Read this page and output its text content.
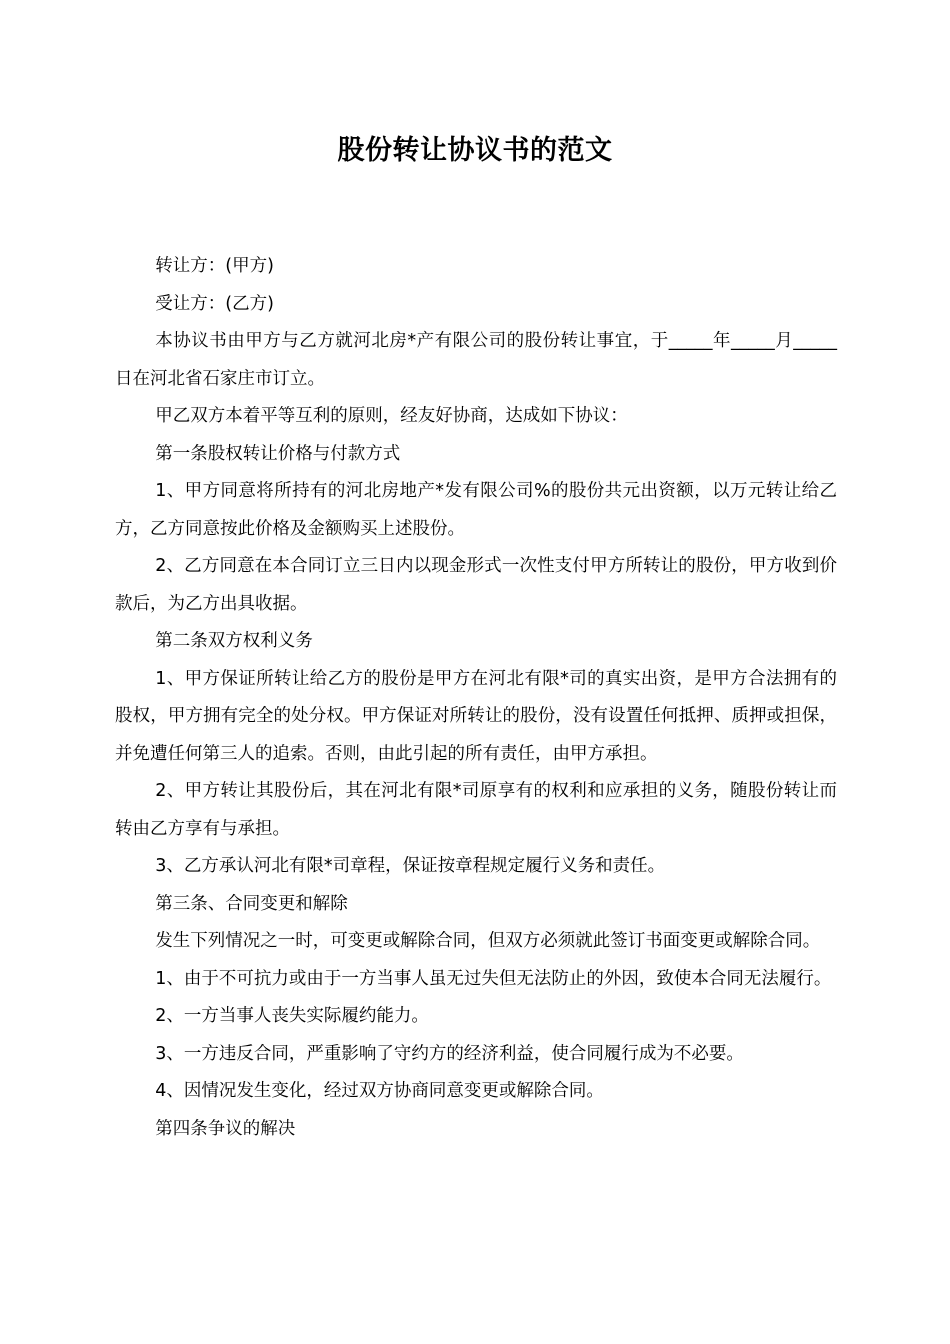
股份转让协议书的范文

转让方：(甲方)

受让方：(乙方)

本协议书由甲方与乙方就河北房*产有限公司的股份转让事宜，于_____年_____月_____日在河北省石家庄市订立。

甲乙双方本着平等互利的原则，经友好协商，达成如下协议：

第一条股权转让价格与付款方式

1、甲方同意将所持有的河北房地产*发有限公司%的股份共元出资额，以万元转让给乙方，乙方同意按此价格及金额购买上述股份。

2、乙方同意在本合同订立三日内以现金形式一次性支付甲方所转让的股份，甲方收到价款后，为乙方出具收据。

第二条双方权利义务

1、甲方保证所转让给乙方的股份是甲方在河北有限*司的真实出资，是甲方合法拥有的股权，甲方拥有完全的处分权。甲方保证对所转让的股份，没有设置任何抵押、质押或担保，并免遭任何第三人的追索。否则，由此引起的所有责任，由甲方承担。

2、甲方转让其股份后，其在河北有限*司原享有的权利和应承担的义务，随股份转让而转由乙方享有与承担。

3、乙方承认河北有限*司章程，保证按章程规定履行义务和责任。

第三条、合同变更和解除

发生下列情况之一时，可变更或解除合同，但双方必须就此签订书面变更或解除合同。

1、由于不可抗力或由于一方当事人虽无过失但无法防止的外因，致使本合同无法履行。

2、一方当事人丧失实际履约能力。

3、一方违反合同，严重影响了守约方的经济利益，使合同履行成为不必要。

4、因情况发生变化，经过双方协商同意变更或解除合同。

第四条争议的解决
